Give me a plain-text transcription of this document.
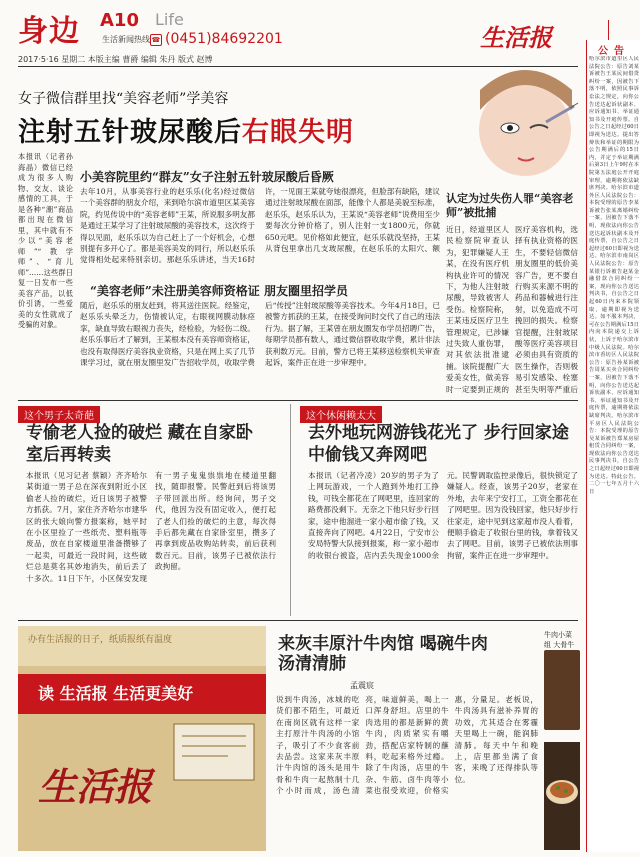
身边 A10 Life
生活新闻热线 ☎ (0451)84692201	生活报
2017·5·16 星期二 本版主编 曹爵 编辑 朱丹 版式 赵博
女子微信群里找“美容老师”学美容
注射五针玻尿酸后右眼失明
本报讯（记者孙海晶）微信已经成为很多人购物、交友、谈论感情的工具，于是各种“潮”商品都出现在微信里，其中就有不少以“美容老师”“教学师”、“育儿师”……这些群日复一日发布一些美容产品，以低价引诱，一些爱美的女性就成了受骗的对象。
小美容院里约“群友”女子注射五针玻尿酸后昏厥
去年10月，从事美容行业的赵乐乐(化名)经过微信一个美容群的朋友介绍，来到哈尔滨市道里区某美容院，约见传说中的“美容老师”王某，所说服多明友都是通过王某学习了注射玻尿酸的美容技术，这次终于得以见面，赵乐乐以为自己赶上了一个好机会，心想别提有多开心了。都是美容美发的同行，所以赵乐乐觉得相处起来特别亲切。那赵乐乐讲述，当天16时许，一见面王某就夸她很漂亮，但脸部有缺陷，建议通过注射玻尿酸在面部，能像个人都是美貌至标准，赵乐乐，赵乐乐认为，王某说“美容老师”说费用至少要每次分钟价格了，别人注射一支1800元，你就650元吧。见价格如此便宜，赵乐乐就没坚持，王某从背包里拿出几支玻尿酸，在赵乐乐的太阳穴、额
“美容老师”未注册美容师资格证 朋友圈里招学员
随后，赵乐乐的朋友赶到，将其送往医院。经鉴定，赵乐乐头晕乏力，伤情被认定，右眼视网膜动脉痉挛，缺血导致右眼视力丧失，经检验，为轻伤二级。赵乐乐事后才了解到，王某根本没有美容师资格证，也没有取得医疗美容执业资格，只是在网上买了几节课学习过，就在朋友圈里发广告招收学员，收取学费后“传授”注射玻尿酸等美容技术。今年4月18日，已被警方抓获的王某，在接受询问时交代了自己的违法行为。据了解，王某曾在朋友圈发布学员招聘广告，每期学员都有数人，通过微信群收取学费，累计非法获利数万元。目前，警方已将王某移送检察机关审查起诉，案件正在进一步审理中。
认定为过失伤人罪“美容老师”被批捕
近日，经道里区人民检察院审查认为，犯罪嫌疑人王某，在没有医疗机构执业许可的情况下，为他人注射玻尿酸，导致被害人受伤。检察院称，王某违反医疗卫生管理规定，已涉嫌过失致人重伤罪，对其依法批准逮捕。该院提醒广大爱美女性，做美容时一定要到正规的医疗美容机构，选择有执业资格的医生，不要轻信微信朋友圈里的低价美容广告，更不要自行购买来源不明的药品和器械进行注射，以免造成不可挽回的损失。检察官提醒，注射玻尿酸等医疗美容项目必须由具有资质的医生操作，否则极易引发感染、栓塞甚至失明等严重后
这个男子太奇葩
专偷老人捡的破烂 藏在自家卧室后再转卖
本报讯（见习记者 蔡颖）齐齐哈尔某街道一男子总在深夜到附近小区偷老人捡的破烂，近日该男子被警方抓获。7月，家住齐齐哈尔市建华区的张大娘向警方报案称，她平时在小区里捡了一些纸壳、塑料瓶等废品，放在自家楼道里准备攒够了一起卖，可最近一段时间，这些破烂总是莫名其妙地消失，前后丢了十多次。11日下午，小区保安发现有一男子鬼鬼祟祟地在楼道里翻找，随即报警。民警赶到后将该男子带回派出所。经询问，男子交代，他因为没有固定收入，便打起了老人们捡的破烂的主意，每次得手后都先藏在自家卧室里，攒多了再拿到废品收购站转卖，前后获利数百元。目前，该男子已被依法行政拘留。
这个休闲赖太大
去外地玩网游钱花光了 步行回家途中偷钱又奔网吧
本报讯（记者冷凌）20岁的男子为了上网玩游戏，一个人跑到外地打工挣钱，可钱全都花在了网吧里，连回家的路费都没剩下。无奈之下他只好步行回家，途中他溜进一家小超市偷了钱，又直接奔向了网吧。4月22日，宁安市公安局特警大队接到报案，称一家小超市的收银台被盗，店内丢失现金1000余元。民警调取监控录像后，很快锁定了嫌疑人。经查，该男子20岁，老家在外地，去年来宁安打工，工资全都花在了网吧里。因为没钱回家，他只好步行往家走，途中见到这家超市没人看着，便顺手偷走了收银台里的钱，拿着钱又去了网吧。目前，该男子已被依法刑事拘留，案件正在进一步审理中。
办有生活报的日子，纸质报纸有温度
读 生活报 生活更美好
生活报
来灰丰原汁牛肉馆 喝碗牛肉汤清清肺
孟震宸
说到牛肉汤，冰城的吃货们都不陌生，可最近在南岗区就有这样一家主打原汁牛肉汤的小馆子，吸引了不少食客前去品尝。这家来灰丰原汁牛肉馆的汤头是用牛骨和牛肉一起熬制十几个小时而成，汤色清亮，味道鲜美，喝上一口浑身舒坦。店里的牛肉选用的都是新鲜的黄牛肉，肉质紧实有嚼劲，搭配店家特制的蘸料，吃起来格外过瘾。除了牛肉汤，店里的牛杂、牛筋、卤牛肉等小菜也很受欢迎，价格实惠，分量足。老板说，牛肉汤具有滋补养胃的功效，尤其适合在雾霾天里喝上一碗，能润肺清肺。每天中午和晚上，店里都坐满了食客，来晚了还得排队等位。
牛肉小菜组 大骨牛
公告
哈尔滨市道里区人民法院公告：原告刘某诉被告王某民间借贷纠纷一案，因被告下落不明，依照民事诉讼法之规定，向你公告送达起诉状副本、应诉通知书、举证通知书及开庭传票。自公告之日起经过60日即视为送达。提出答辩状和举证的期限为公告期满后的15日内，并定于举证期满后第3日上午9时在本院第五法庭公开开庭审理，逾期将依法缺席判决。哈尔滨市道外区人民法院公告：本院受理的原告李某诉被告张某离婚纠纷一案，因被告下落不明，现依法向你公告送达起诉状副本及开庭传票，自公告之日起经过60日即视为送达。哈尔滨市南岗区人民法院公告：原告某银行诉被告赵某金融借款合同纠纷一案，现向你公告送达判决书，自公告之日起60日内来本院领取，逾期即视为送达。如不服本判决，可在公告期满后15日内向本院递交上诉状，上诉于哈尔滨市中级人民法院。哈尔滨市香坊区人民法院公告：原告孙某诉被告周某买卖合同纠纷一案，因被告下落不明，向你公告送达起诉状副本、应诉通知书、举证通知书及开庭传票，逾期将依法缺席判决。哈尔滨市平房区人民法院公告：本院受理的原告吴某诉被告郑某房屋租赁合同纠纷一案，现依法向你公告送达民事判决书，自公告之日起经过60日即视为送达。特此公告。二〇一七年五月十六日
